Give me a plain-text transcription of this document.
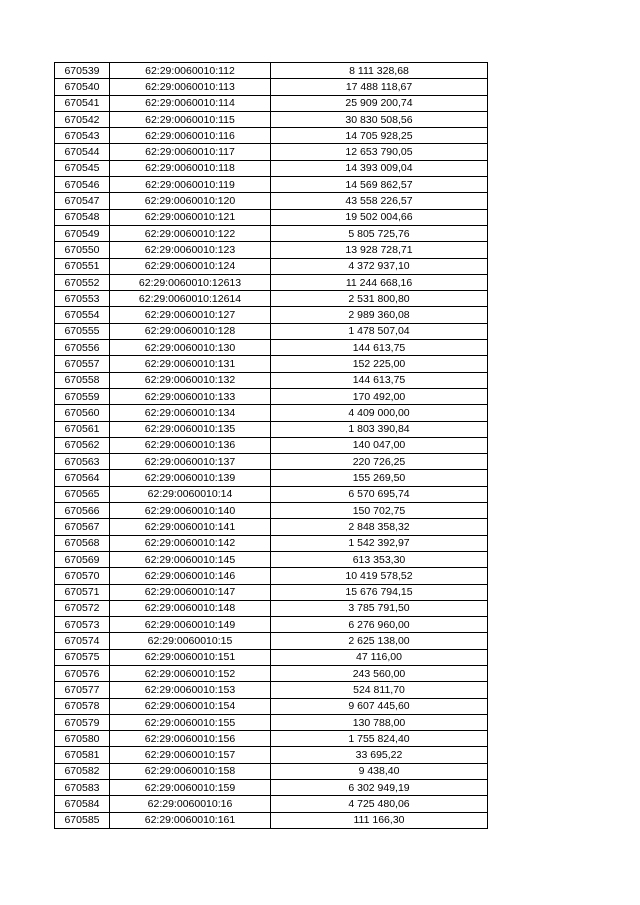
670539	62:29:0060010:112	8 111 328,68
670540	62:29:0060010:113	17 488 118,67
670541	62:29:0060010:114	25 909 200,74
670542	62:29:0060010:115	30 830 508,56
670543	62:29:0060010:116	14 705 928,25
670544	62:29:0060010:117	12 653 790,05
670545	62:29:0060010:118	14 393 009,04
670546	62:29:0060010:119	14 569 862,57
670547	62:29:0060010:120	43 558 226,57
670548	62:29:0060010:121	19 502 004,66
670549	62:29:0060010:122	5 805 725,76
670550	62:29:0060010:123	13 928 728,71
670551	62:29:0060010:124	4 372 937,10
670552	62:29:0060010:12613	11 244 668,16
670553	62:29:0060010:12614	2 531 800,80
670554	62:29:0060010:127	2 989 360,08
670555	62:29:0060010:128	1 478 507,04
670556	62:29:0060010:130	144 613,75
670557	62:29:0060010:131	152 225,00
670558	62:29:0060010:132	144 613,75
670559	62:29:0060010:133	170 492,00
670560	62:29:0060010:134	4 409 000,00
670561	62:29:0060010:135	1 803 390,84
670562	62:29:0060010:136	140 047,00
670563	62:29:0060010:137	220 726,25
670564	62:29:0060010:139	155 269,50
670565	62:29:0060010:14	6 570 695,74
670566	62:29:0060010:140	150 702,75
670567	62:29:0060010:141	2 848 358,32
670568	62:29:0060010:142	1 542 392,97
670569	62:29:0060010:145	613 353,30
670570	62:29:0060010:146	10 419 578,52
670571	62:29:0060010:147	15 676 794,15
670572	62:29:0060010:148	3 785 791,50
670573	62:29:0060010:149	6 276 960,00
670574	62:29:0060010:15	2 625 138,00
670575	62:29:0060010:151	47 116,00
670576	62:29:0060010:152	243 560,00
670577	62:29:0060010:153	524 811,70
670578	62:29:0060010:154	9 607 445,60
670579	62:29:0060010:155	130 788,00
670580	62:29:0060010:156	1 755 824,40
670581	62:29:0060010:157	33 695,22
670582	62:29:0060010:158	9 438,40
670583	62:29:0060010:159	6 302 949,19
670584	62:29:0060010:16	4 725 480,06
670585	62:29:0060010:161	111 166,30
